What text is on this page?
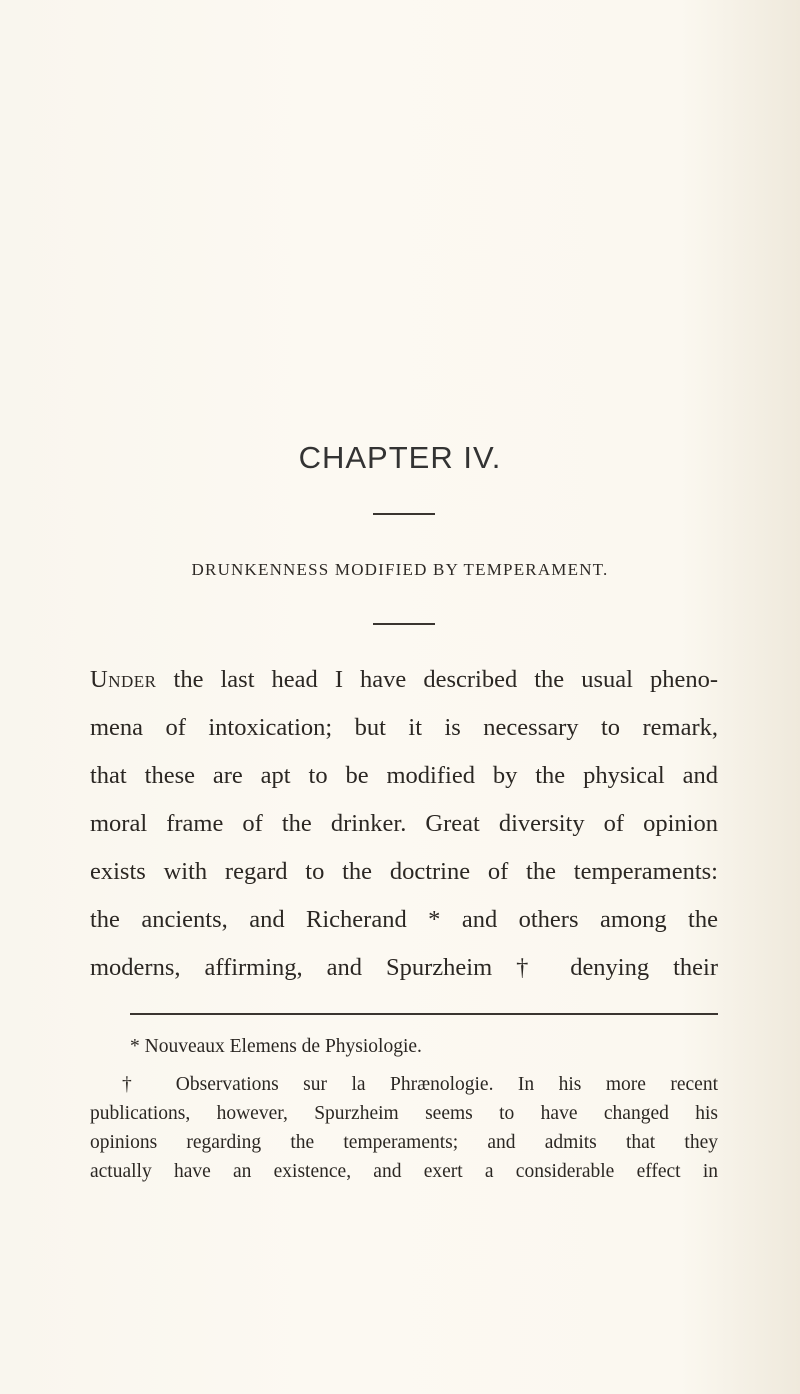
CHAPTER IV.
DRUNKENNESS MODIFIED BY TEMPERAMENT.
Under the last head I have described the usual pheno-
mena of intoxication; but it is necessary to remark,
that these are apt to be modified by the physical and
moral frame of the drinker. Great diversity of opinion
exists with regard to the doctrine of the temperaments:
the ancients, and Richerand * and others among the
moderns, affirming, and Spurzheim † denying their
* Nouveaux Elemens de Physiologie.
† Observations sur la Phrænologie. In his more recent
publications, however, Spurzheim seems to have changed his
opinions regarding the temperaments; and admits that they
actually have an existence, and exert a considerable effect in
